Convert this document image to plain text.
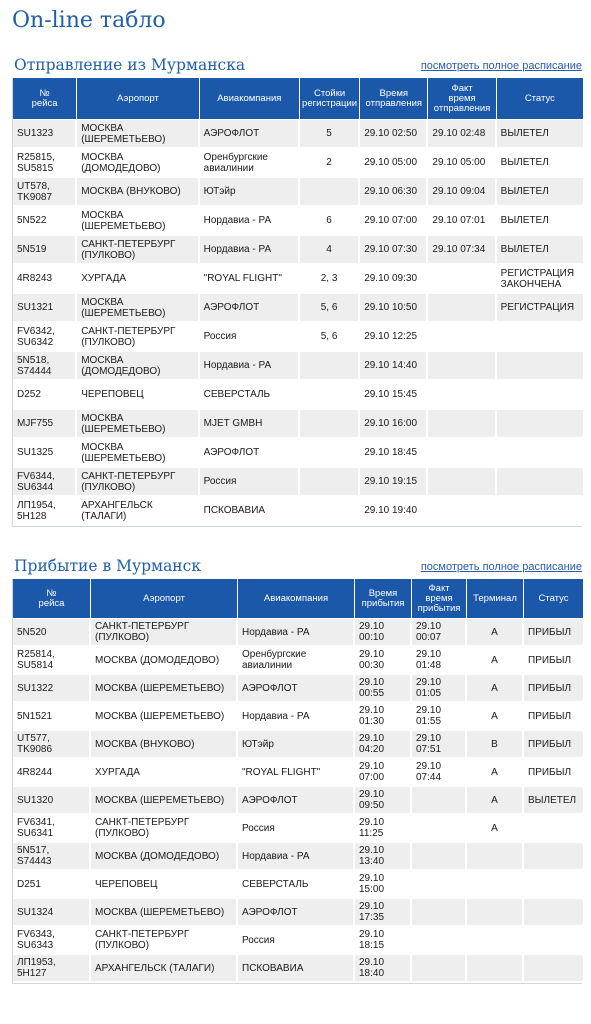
On-line табло
Отправление из Мурманска	посмотреть полное расписание
№
рейса	Аэропорт	Авиакомпания	Стойки
регистрации	Время
отправления	Факт
время
отправления	Статус
SU1323	МОСКВА
(ШЕРЕМЕТЬЕВО)	АЭРОФЛОТ	5	29.10 02:50	29.10 02:48	ВЫЛЕТЕЛ
R25815,
SU5815	МОСКВА
(ДОМОДЕДОВО)	Оренбургские
авиалинии	2	29.10 05:00	29.10 05:00	ВЫЛЕТЕЛ
UT578,
TK9087	МОСКВА (ВНУКОВО)	ЮТэйр		29.10 06:30	29.10 09:04	ВЫЛЕТЕЛ
5N522	МОСКВА
(ШЕРЕМЕТЬЕВО)	Нордавиа - РА	6	29.10 07:00	29.10 07:01	ВЫЛЕТЕЛ
5N519	САНКТ-ПЕТЕРБУРГ
(ПУЛКОВО)	Нордавиа - РА	4	29.10 07:30	29.10 07:34	ВЫЛЕТЕЛ
4R8243	ХУРГАДА	"ROYAL FLIGHT"	2, 3	29.10 09:30		РЕГИСТРАЦИЯ
ЗАКОНЧЕНА
SU1321	МОСКВА
(ШЕРЕМЕТЬЕВО)	АЭРОФЛОТ	5, 6	29.10 10:50		РЕГИСТРАЦИЯ
FV6342,
SU6342	САНКТ-ПЕТЕРБУРГ
(ПУЛКОВО)	Россия	5, 6	29.10 12:25		
5N518,
S74444	МОСКВА
(ДОМОДЕДОВО)	Нордавиа - РА		29.10 14:40		
D252	ЧЕРЕПОВЕЦ	СЕВЕРСТАЛЬ		29.10 15:45		
MJF755	МОСКВА
(ШЕРЕМЕТЬЕВО)	MJET GMBH		29.10 16:00		
SU1325	МОСКВА
(ШЕРЕМЕТЬЕВО)	АЭРОФЛОТ		29.10 18:45		
FV6344,
SU6344	САНКТ-ПЕТЕРБУРГ
(ПУЛКОВО)	Россия		29.10 19:15		
ЛП1954,
5H128	АРХАНГЕЛЬСК
(ТАЛАГИ)	ПСКОВАВИА		29.10 19:40		
Прибытие в Мурманск	посмотреть полное расписание
№
рейса	Аэропорт	Авиакомпания	Время
прибытия	Факт
время
прибытия	Терминал	Статус
5N520	САНКТ-ПЕТЕРБУРГ
(ПУЛКОВО)	Нордавиа - РА	29.10
00:10	29.10
00:07	А	ПРИБЫЛ
R25814,
SU5814	МОСКВА (ДОМОДЕДОВО)	Оренбургские
авиалинии	29.10
00:30	29.10
01:48	А	ПРИБЫЛ
SU1322	МОСКВА (ШЕРЕМЕТЬЕВО)	АЭРОФЛОТ	29.10
00:55	29.10
01:05	А	ПРИБЫЛ
5N1521	МОСКВА (ШЕРЕМЕТЬЕВО)	Нордавиа - РА	29.10
01:30	29.10
01:55	А	ПРИБЫЛ
UT577,
TK9086	МОСКВА (ВНУКОВО)	ЮТэйр	29.10
04:20	29.10
07:51	В	ПРИБЫЛ
4R8244	ХУРГАДА	"ROYAL FLIGHT"	29.10
07:00	29.10
07:44	А	ПРИБЫЛ
SU1320	МОСКВА (ШЕРЕМЕТЬЕВО)	АЭРОФЛОТ	29.10
09:50		А	ВЫЛЕТЕЛ
FV6341,
SU6341	САНКТ-ПЕТЕРБУРГ
(ПУЛКОВО)	Россия	29.10
11:25		А	
5N517,
S74443	МОСКВА (ДОМОДЕДОВО)	Нордавиа - РА	29.10
13:40			
D251	ЧЕРЕПОВЕЦ	СЕВЕРСТАЛЬ	29.10
15:00			
SU1324	МОСКВА (ШЕРЕМЕТЬЕВО)	АЭРОФЛОТ	29.10
17:35			
FV6343,
SU6343	САНКТ-ПЕТЕРБУРГ
(ПУЛКОВО)	Россия	29.10
18:15			
ЛП1953,
5H127	АРХАНГЕЛЬСК (ТАЛАГИ)	ПСКОВАВИА	29.10
18:40			
